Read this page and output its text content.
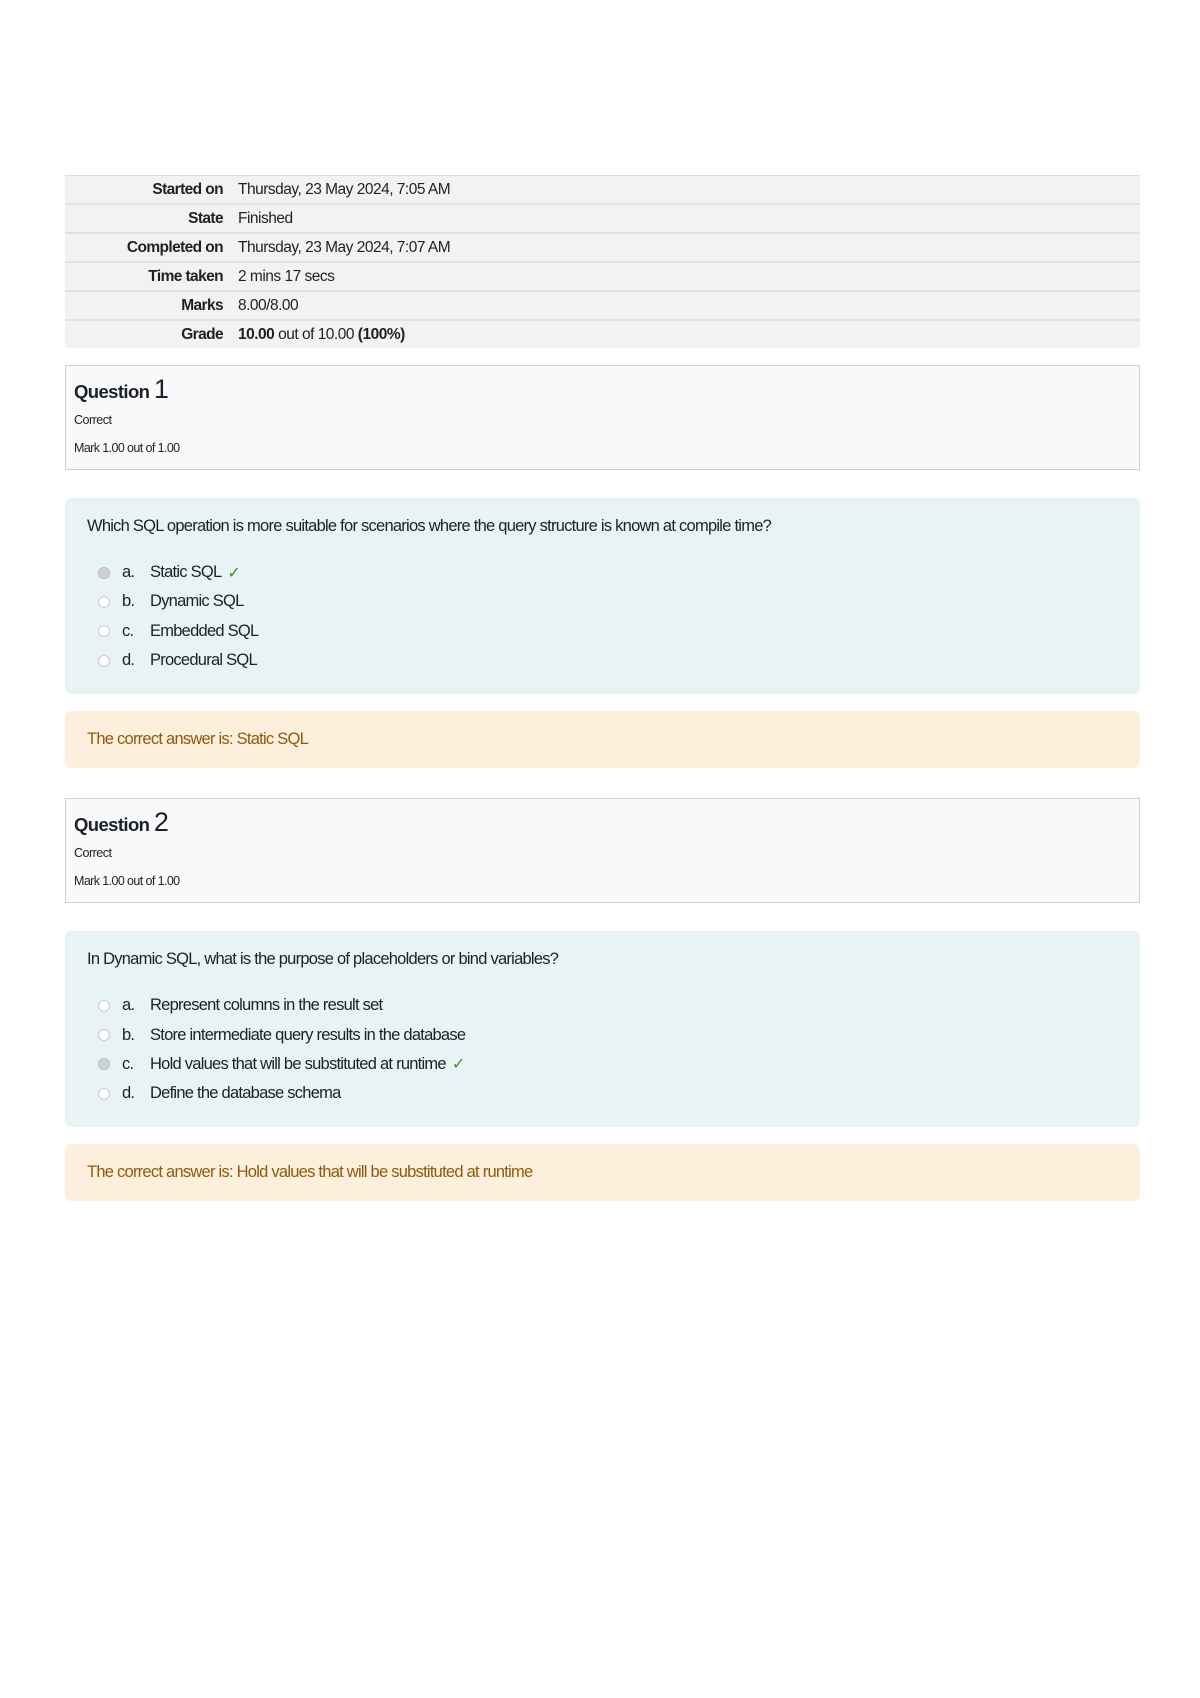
Started on	Thursday, 23 May 2024, 7:05 AM
State	Finished
Completed on	Thursday, 23 May 2024, 7:07 AM
Time taken	2 mins 17 secs
Marks	8.00/8.00
Grade	10.00 out of 10.00 (100%)
Question 1
Correct
Mark 1.00 out of 1.00
Which SQL operation is more suitable for scenarios where the query structure is known at compile time?
a. Static SQL ✓
b. Dynamic SQL
c.	Embedded SQL
d. Procedural SQL
The correct answer is: Static SQL
Question 2
Correct
Mark 1.00 out of 1.00
In Dynamic SQL, what is the purpose of placeholders or bind variables?
a. Represent columns in the result set
b. Store intermediate query results in the database
c.	Hold values that will be substituted at runtime ✓
d. Define the database schema
The correct answer is: Hold values that will be substituted at runtime
